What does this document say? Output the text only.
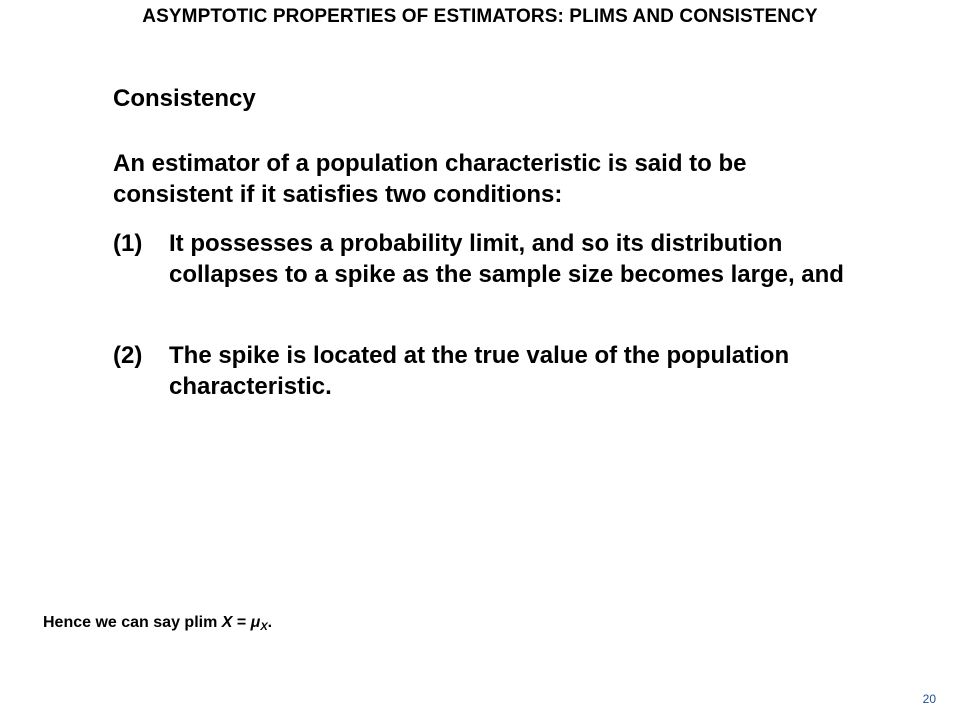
ASYMPTOTIC PROPERTIES OF ESTIMATORS: PLIMS AND CONSISTENCY
Consistency
An estimator of a population characteristic is said to be consistent if it satisfies two conditions:
(1) It possesses a probability limit, and so its distribution collapses to a spike as the sample size becomes large, and
(2) The spike is located at the true value of the population characteristic.
Hence we can say plim $X = \mu_X$.
20
